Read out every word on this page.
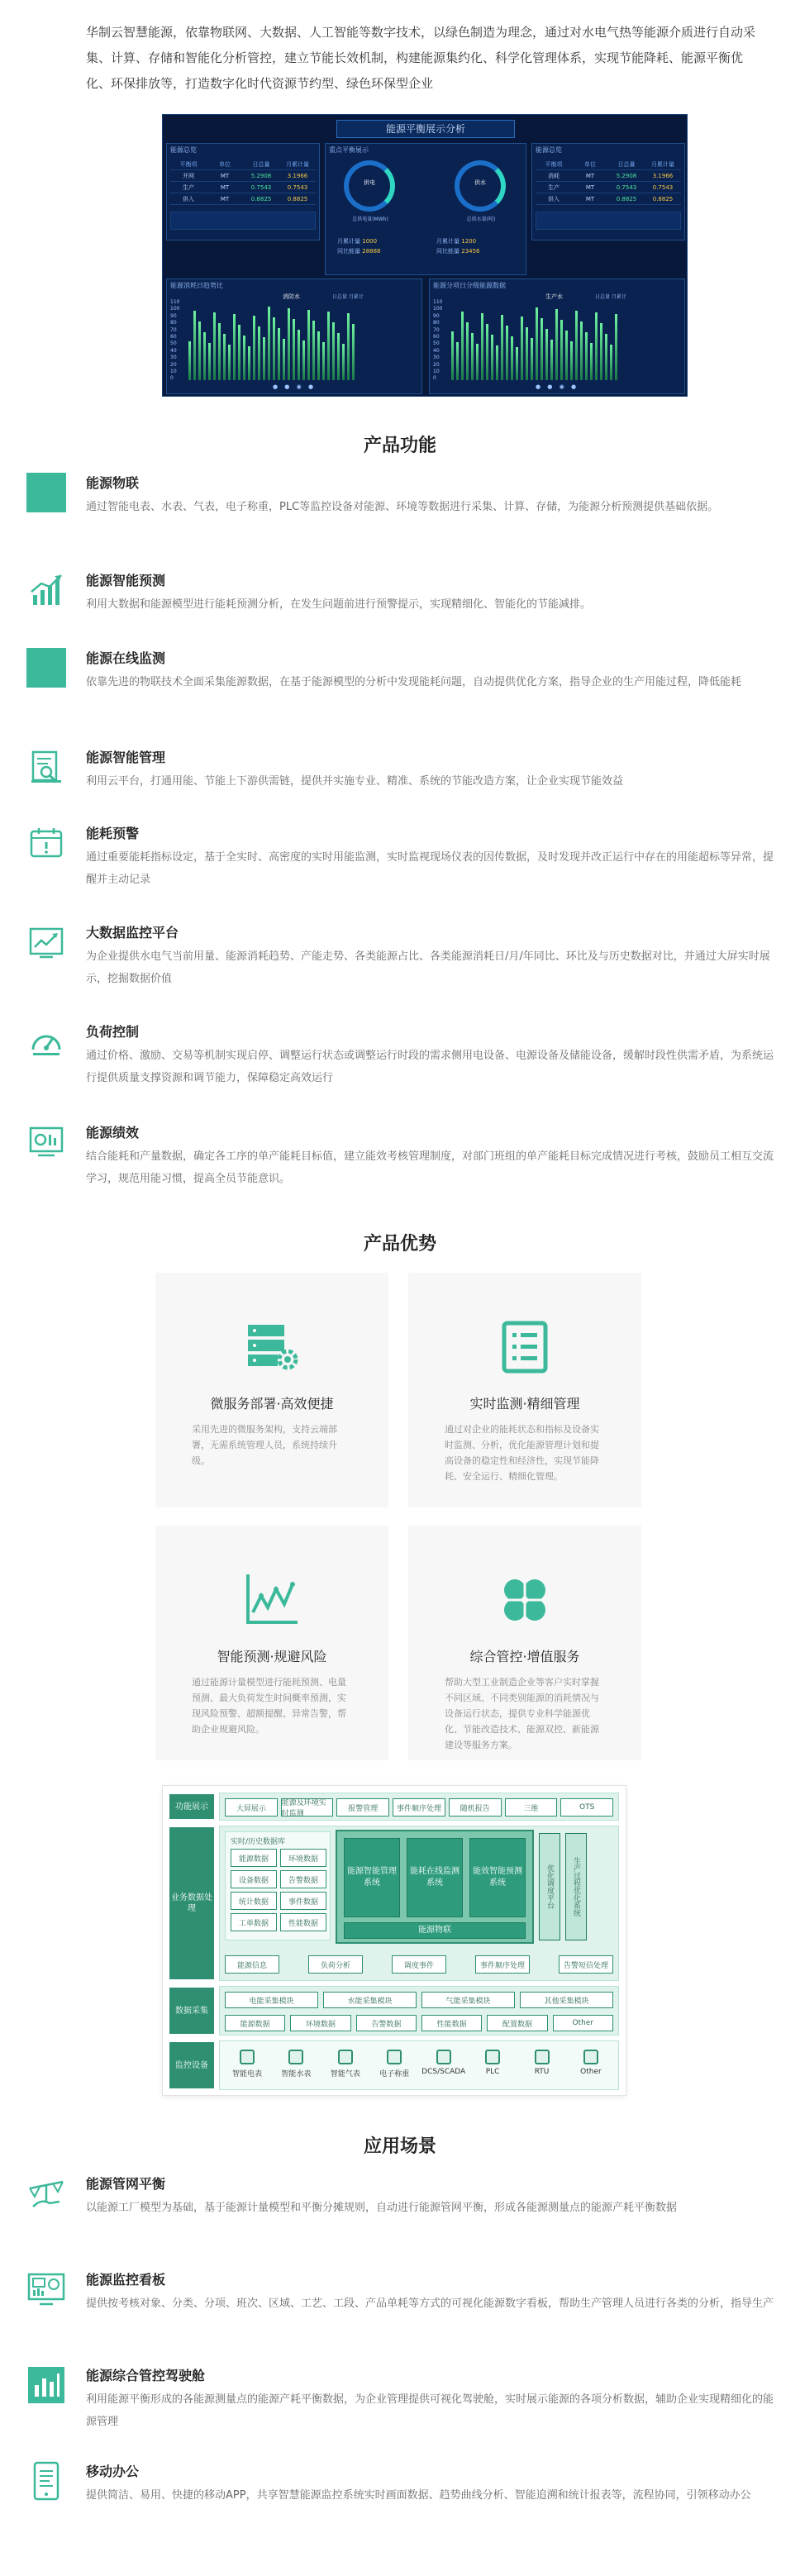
华制云智慧能源，依靠物联网、大数据、人工智能等数字技术，以绿色制造为理念，通过对水电气热等能源介质进行自动采集、计算、存储和智能化分析管控，建立节能长效机制，构建能源集约化、科学化管理体系，实现节能降耗、能源平衡优化、环保排放等，打造数字化时代资源节约型、绿色环保型企业
能源平衡展示分析
能源总览
平衡项	单位	日总量	月累计量
并网	MT	5.2908	3.1966
生产	MT	0.7543	0.7543
供入	MT	0.8825	0.8825
重点平衡展示
供电
总供电量(MWh)
供水
总供水量(吨)
月累计量 1000
同比能量 28888
月累计量 1200
同比能量 23456
能源总览
平衡项	单位	日总量	月累计量
消耗	MT	5.2908	3.1966
生产	MT	0.7543	0.7543
供入	MT	0.8825	0.8825
能源消耗日趋势比
消防水	日总量 月累计
110
100
90
80
70
60
50
40
30
20
10
0
● ● ◉ ●
能源分项日分级能源数据
生产水	日总量 月累计
110
100
90
80
70
60
50
40
30
20
10
0
● ● ◉ ●
产品功能
能源物联
通过智能电表、水表、气表，电子称重，PLC等监控设备对能源、环境等数据进行采集、计算、存储，为能源分析预测提供基础依据。
能源智能预测
利用大数据和能源模型进行能耗预测分析，在发生问题前进行预警提示，实现精细化、智能化的节能减排。
能源在线监测
依靠先进的物联技术全面采集能源数据，在基于能源模型的分析中发现能耗问题，自动提供优化方案，指导企业的生产用能过程，降低能耗
能源智能管理
利用云平台，打通用能、节能上下游供需链，提供并实施专业、精准、系统的节能改造方案，让企业实现节能效益
能耗预警
通过重要能耗指标设定，基于全实时、高密度的实时用能监测，实时监视现场仪表的因传数据，及时发现并改正运行中存在的用能超标等异常，提醒并主动记录
大数据监控平台
为企业提供水电气当前用量、能源消耗趋势、产能走势、各类能源占比、各类能源消耗日/月/年同比、环比及与历史数据对比，并通过大屏实时展示，挖掘数据价值
负荷控制
通过价格、激励、交易等机制实现启停、调整运行状态或调整运行时段的需求侧用电设备、电源设备及储能设备，缓解时段性供需矛盾，为系统运行提供质量支撑资源和调节能力，保障稳定高效运行
能源绩效
结合能耗和产量数据，确定各工序的单产能耗目标值，建立能效考核管理制度，对部门班组的单产能耗目标完成情况进行考核，鼓励员工相互交流学习，规范用能习惯，提高全员节能意识。
产品优势
微服务部署·高效便捷
采用先进的微服务架构，支持云端部署，无需系统管理人员，系统持续升级。
实时监测·精细管理
通过对企业的能耗状态和指标及设备实时监测、分析，优化能源管理计划和提高设备的稳定性和经济性，实现节能降耗、安全运行、精细化管理。
智能预测·规避风险
通过能源计量模型进行能耗预测、电量预测、最大负荷发生时间概率预测，实现风险预警、超额提醒、异常告警，帮助企业规避风险。
综合管控·增值服务
帮助大型工业制造企业等客户实时掌握不同区域、不同类别能源的消耗情况与设备运行状态，提供专业科学能源优化、节能改造技术、能源双控、新能源建设等服务方案。
功能展示	大屏展示
能源及环境实时监测
报警管理	事件顺序处理	随机报告	三维	OTS
业务数据处理
实时/历史数据库
能源数据	环境数据
设备数据	告警数据
统计数据	事件数据
工单数据	性能数据
能源智能管理系统
能耗在线监测系统
能效智能预测系统
能源物联
优化调度平台	生产过程优化系统
能源信息	负荷分析	调度事件	事件顺序处理	告警短信处理
数据采集
电能采集模块	水能采集模块	气能采集模块	其他采集模块
能源数据	环境数据	告警数据	性能数据	配置数据	Other
监控设备
智能电表	智能水表	智能气表	电子称重	DCS/SCADA	PLC	RTU	Other
应用场景
能源管网平衡
以能源工厂模型为基础，基于能源计量模型和平衡分摊规则，自动进行能源管网平衡，形成各能源测量点的能源产耗平衡数据
能源监控看板
提供按考核对象、分类、分项、班次、区域、工艺、工段、产品单耗等方式的可视化能源数字看板，帮助生产管理人员进行各类的分析，指导生产
能源综合管控驾驶舱
利用能源平衡形成的各能源测量点的能源产耗平衡数据，为企业管理提供可视化驾驶舱，实时展示能源的各项分析数据，辅助企业实现精细化的能源管理
移动办公
提供简洁、易用、快捷的移动APP，共享智慧能源监控系统实时画面数据、趋势曲线分析、智能追溯和统计报表等，流程协同，引领移动办公
